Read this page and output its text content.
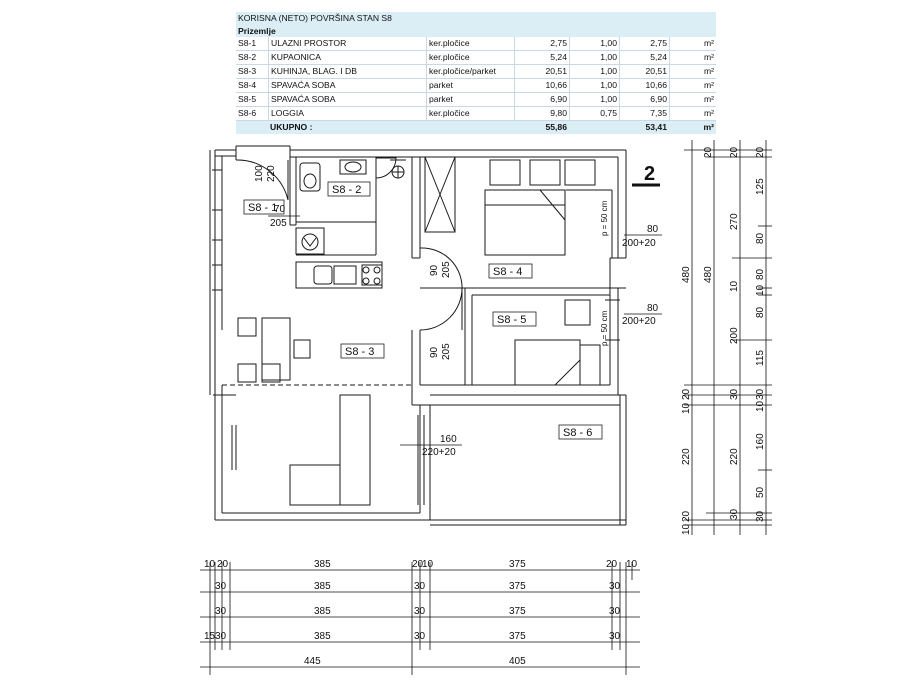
KORISNA (NETO) POVRŠINA STAN S8
Prizemlje
S8-1	ULAZNI PROSTOR	ker.pločice	2,75	1,00	2,75	m²
S8-2	KUPAONICA	ker.pločice	5,24	1,00	5,24	m²
S8-3	KUHINJA, BLAG. I DB	ker.pločice/parket	20,51	1,00	20,51	m²
S8-4	SPAVAĆA SOBA	parket	10,66	1,00	10,66	m²
S8-5	SPAVAĆA SOBA	parket	6,90	1,00	6,90	m²
S8-6	LOGGIA	ker.pločice	9,80	0,75	7,35	m²
UKUPNO :	55,86	53,41	m²
2
S8 - 1
S8 - 2
S8 - 3
S8 - 4
S8 - 5
S8 - 6
70
205
100 220
90 205
90 205
80
200+20
80
200+20
160
220+20
p = 50 cm
p = 50 cm
10 20	385	20
10	375	20 10
30	385	30	375	30
30	385	30	375	30
15 30	385	30	375	30
445	405
480
20
480
10
20
220
10
20
20
270
10
200
30
220
30
20
125
80
80
10
80
115
30
10
160
50
30
